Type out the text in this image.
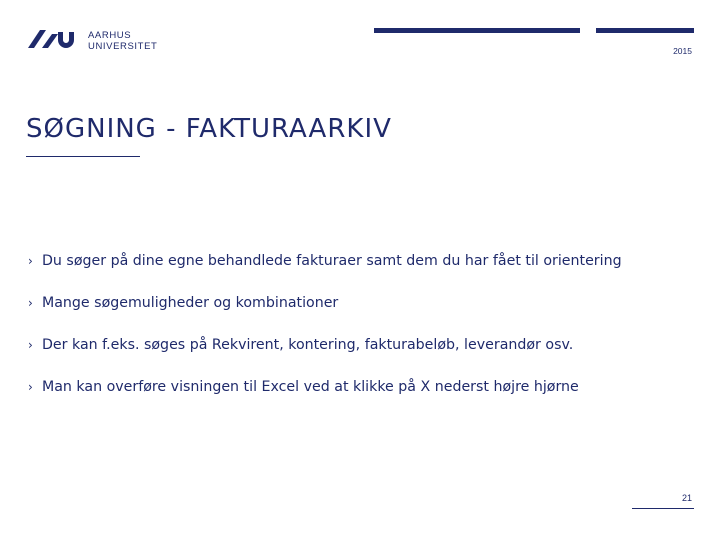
AARHUS
UNIVERSITET	2015
SØGNING - FAKTURAARKIV
› Du søger på dine egne behandlede fakturaer samt dem du har fået til orientering
› Mange søgemuligheder og kombinationer
› Der kan f.eks. søges på Rekvirent, kontering, fakturabeløb, leverandør osv.
› Man kan overføre visningen til Excel ved at klikke på X nederst højre hjørne
21
